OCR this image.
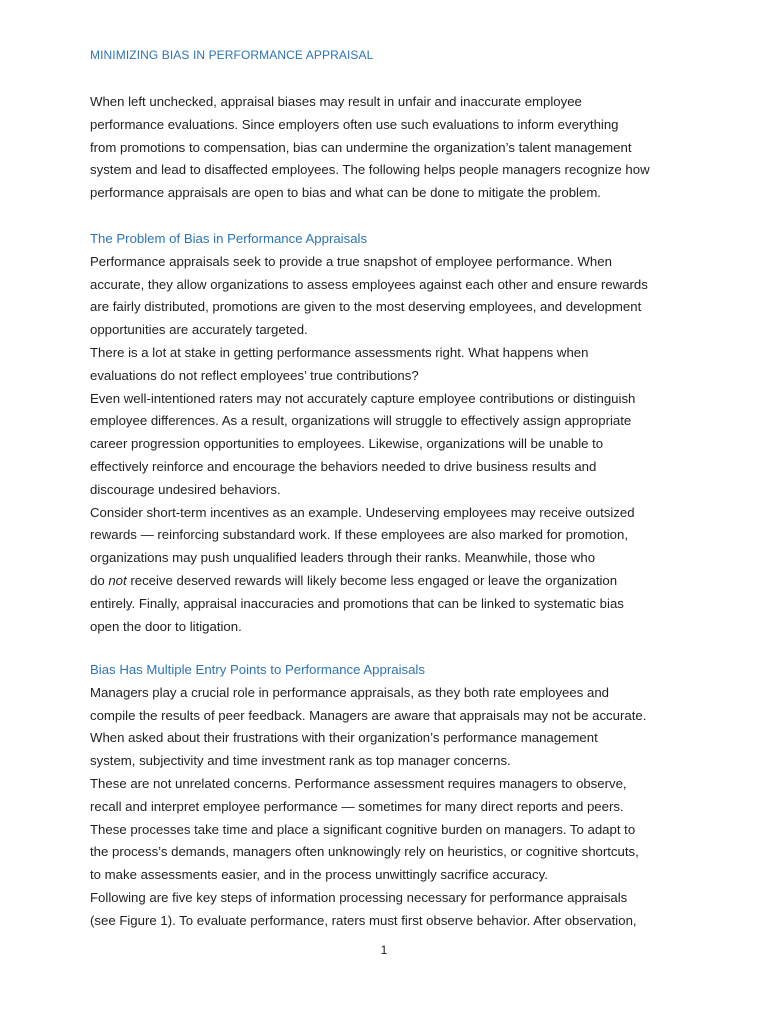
MINIMIZING BIAS IN PERFORMANCE APPRAISAL

When left unchecked, appraisal biases may result in unfair and inaccurate employee

performance evaluations. Since employers often use such evaluations to inform everything

from promotions to compensation, bias can undermine the organization’s talent management

system and lead to disaffected employees. The following helps people managers recognize how

performance appraisals are open to bias and what can be done to mitigate the problem.

The Problem of Bias in Performance Appraisals

Performance appraisals seek to provide a true snapshot of employee performance. When

accurate, they allow organizations to assess employees against each other and ensure rewards

are fairly distributed, promotions are given to the most deserving employees, and development

opportunities are accurately targeted.

There is a lot at stake in getting performance assessments right. What happens when

evaluations do not reflect employees’ true contributions?

Even well-intentioned raters may not accurately capture employee contributions or distinguish

employee differences. As a result, organizations will struggle to effectively assign appropriate

career progression opportunities to employees. Likewise, organizations will be unable to

effectively reinforce and encourage the behaviors needed to drive business results and

discourage undesired behaviors.

Consider short-term incentives as an example. Undeserving employees may receive outsized

rewards — reinforcing substandard work. If these employees are also marked for promotion,

organizations may push unqualified leaders through their ranks. Meanwhile, those who

do not receive deserved rewards will likely become less engaged or leave the organization

entirely. Finally, appraisal inaccuracies and promotions that can be linked to systematic bias

open the door to litigation.

Bias Has Multiple Entry Points to Performance Appraisals

Managers play a crucial role in performance appraisals, as they both rate employees and

compile the results of peer feedback. Managers are aware that appraisals may not be accurate.

When asked about their frustrations with their organization’s performance management

system, subjectivity and time investment rank as top manager concerns.

These are not unrelated concerns. Performance assessment requires managers to observe,

recall and interpret employee performance — sometimes for many direct reports and peers.

These processes take time and place a significant cognitive burden on managers. To adapt to

the process’s demands, managers often unknowingly rely on heuristics, or cognitive shortcuts,

to make assessments easier, and in the process unwittingly sacrifice accuracy.

Following are five key steps of information processing necessary for performance appraisals

(see Figure 1). To evaluate performance, raters must first observe behavior. After observation,

1
